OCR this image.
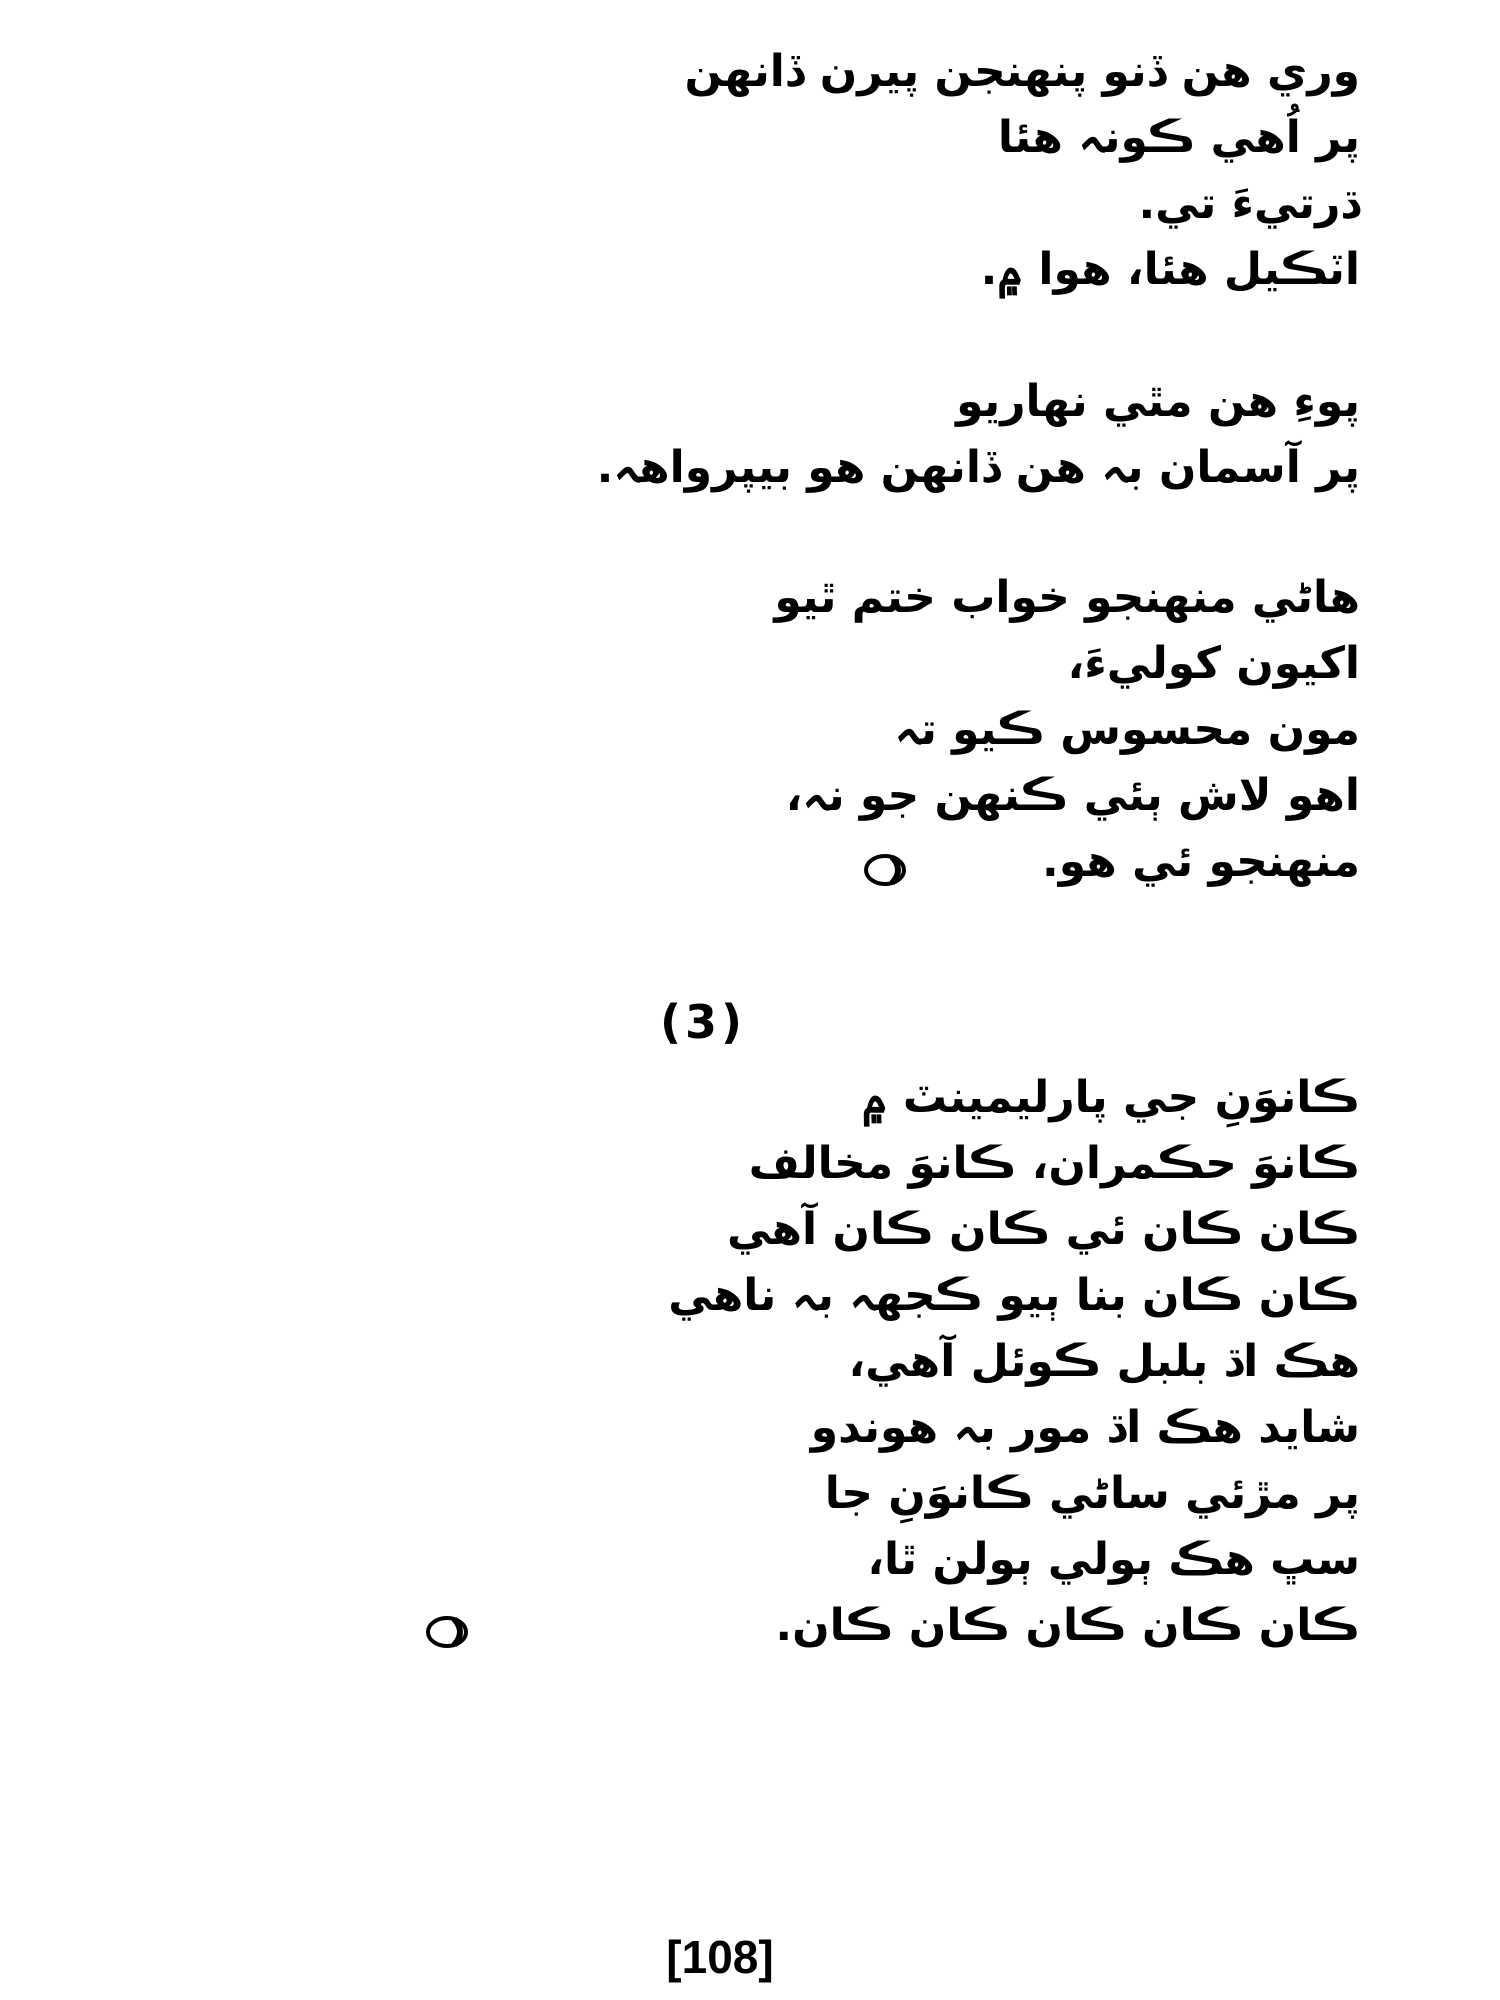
وري ھن ڏنو پنھنجن پيرن ڏانھن
پر اُھي ڪونہ ھئا
ڌرتيءَ تي.
اٽڪيل ھئا، ھوا ۾.
پوءِ ھن مٿي نھاريو
پر آسمان بہ ھن ڏانھن ھو بيپرواھہ.
ھاڻي منھنجو خواب ختم ٿيو
اکيون کوليءَ،
مون محسوس ڪيو تہ
اھو لاش ٻئي ڪنھن جو نہ،
منھنجو ئي ھو.
(3)
ڪانوَنِ جي پارليمينٽ ۾
ڪانوَ حڪمران، ڪانوَ مخالف
ڪان ڪان ئي ڪان ڪان آھي
ڪان ڪان بنا ٻيو ڪجھہ بہ ناھي
ھڪ اڌ بلبل ڪوئل آھي،
شايد ھڪ اڌ مور بہ ھوندو
پر مڙئي ساڻي ڪانوَنِ جا
سڀ ھڪ ٻولي ٻولن ٿا،
ڪان ڪان ڪان ڪان ڪان.
[108]
